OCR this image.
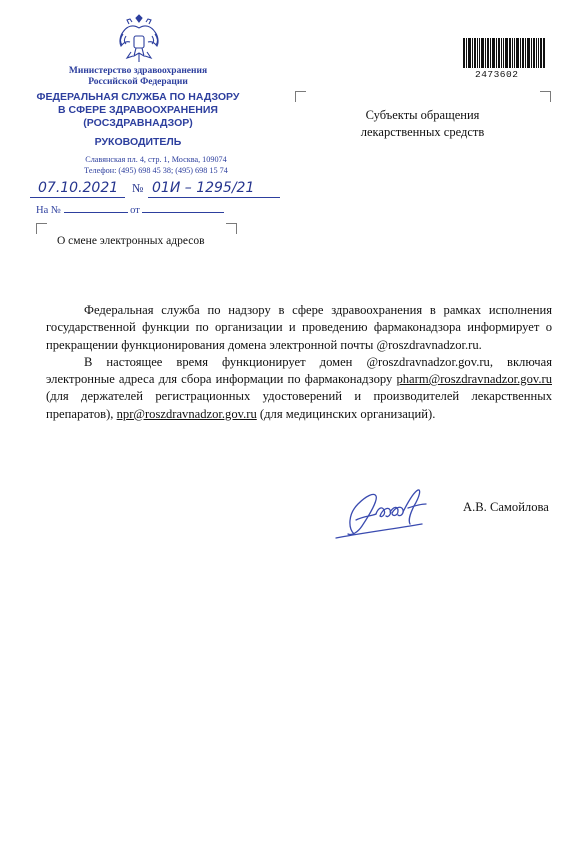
Министерство здравоохранения
Российской Федерации
ФЕДЕРАЛЬНАЯ СЛУЖБА ПО НАДЗОРУ
В СФЕРЕ ЗДРАВООХРАНЕНИЯ
(РОСЗДРАВНАДЗОР)
РУКОВОДИТЕЛЬ
Славянская пл. 4, стр. 1, Москва, 109074
Телефон: (495) 698 45 38; (495) 698 15 74
07.10.2021 № 01И – 1295/21
На №	от
О смене электронных адресов
2473602
Субъекты обращения
лекарственных средств

Федеральная служба по надзору в сфере здравоохранения в рамках исполнения государственной функции по организации и проведению фармаконадзора информирует о прекращении функционирования домена электронной почты @roszdravnadzor.ru.

В настоящее время функционирует домен @roszdravnadzor.gov.ru, включая электронные адреса для сбора информации по фармаконадзору pharm@roszdravnadzor.gov.ru (для держателей регистрационных удостоверений и производителей лекарственных препаратов), npr@roszdravnadzor.gov.ru (для медицинских организаций).

А.В. Самойлова
